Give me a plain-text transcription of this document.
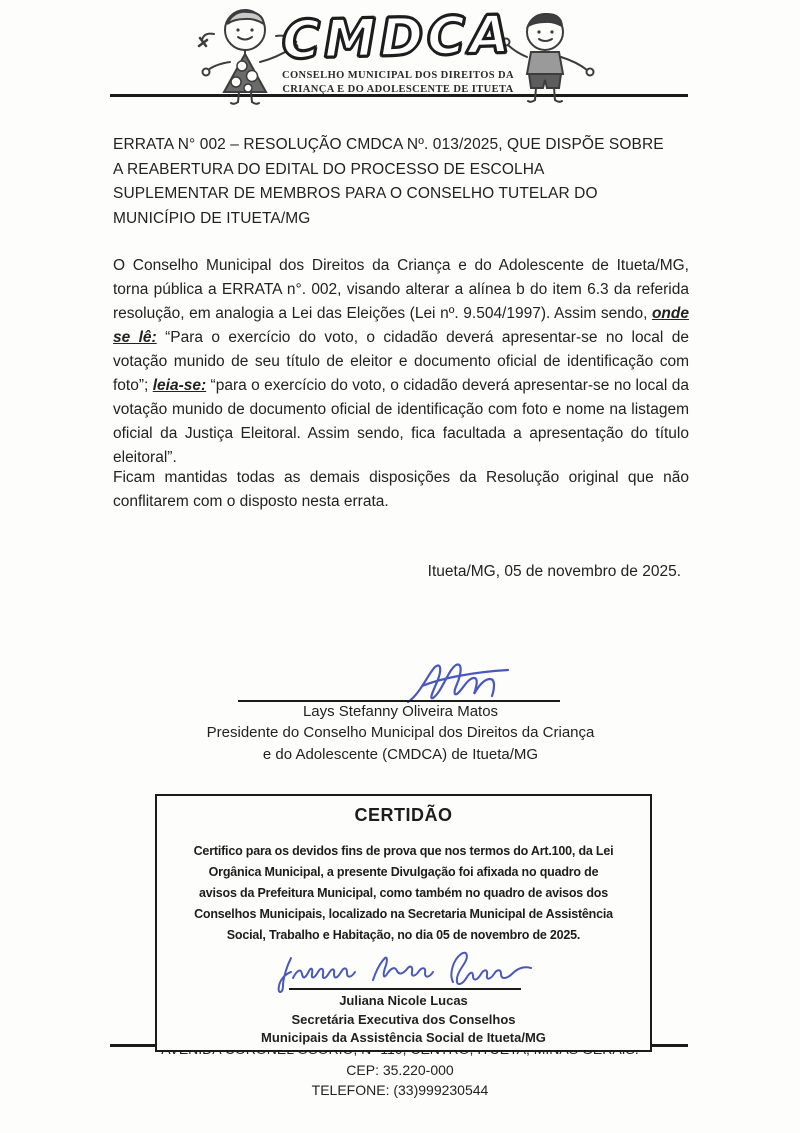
CMDCA
CONSELHO MUNICIPAL DOS DIREITOS DA
CRIANÇA E DO ADOLESCENTE DE ITUETA
ERRATA N° 002 – RESOLUÇÃO CMDCA Nº. 013/2025, QUE DISPÕE SOBRE
A REABERTURA DO EDITAL DO PROCESSO DE ESCOLHA
SUPLEMENTAR DE MEMBROS PARA O CONSELHO TUTELAR DO
MUNICÍPIO DE ITUETA/MG
O Conselho Municipal dos Direitos da Criança e do Adolescente de Itueta/MG, torna pública a ERRATA n°. 002, visando alterar a alínea b do item 6.3 da referida resolução, em analogia a Lei das Eleições (Lei nº. 9.504/1997). Assim sendo, onde se lê: “Para o exercício do voto, o cidadão deverá apresentar-se no local de votação munido de seu título de eleitor e documento oficial de identificação com foto”; leia-se: “para o exercício do voto, o cidadão deverá apresentar-se no local da votação munido de documento oficial de identificação com foto e nome na listagem oficial da Justiça Eleitoral. Assim sendo, fica facultada a apresentação do título eleitoral”.
Ficam mantidas todas as demais disposições da Resolução original que não conflitarem com o disposto nesta errata.
Itueta/MG, 05 de novembro de 2025.
Lays Stefanny Oliveira Matos
Presidente do Conselho Municipal dos Direitos da Criança
e do Adolescente (CMDCA) de Itueta/MG
CERTIDÃO
Certifico para os devidos fins de prova que nos termos do Art.100, da Lei
Orgânica Municipal, a presente Divulgação foi afixada no quadro de
avisos da Prefeitura Municipal, como também no quadro de avisos dos
Conselhos Municipais, localizado na Secretaria Municipal de Assistência
Social, Trabalho e Habitação, no dia 05 de novembro de 2025.
Juliana Nicole Lucas
Secretária Executiva dos Conselhos
Municipais da Assistência Social de Itueta/MG
CEP: 35.220-000
TELEFONE: (33)999230544
